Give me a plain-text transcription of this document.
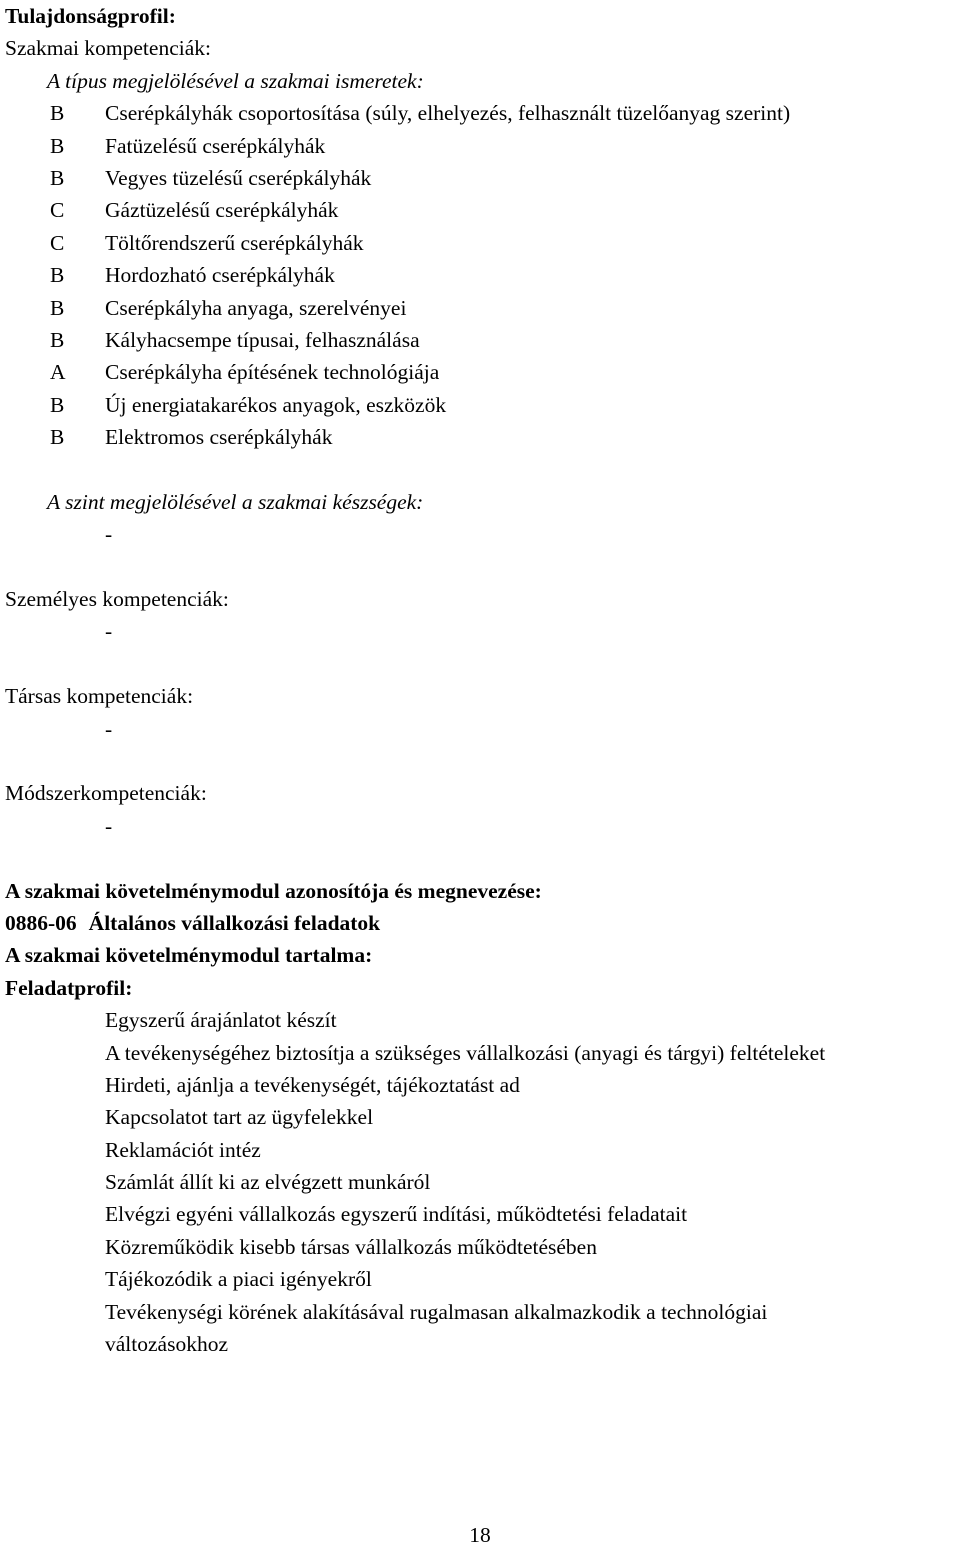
Tulajdonságprofil:
Szakmai kompetenciák:
A típus megjelölésével a szakmai ismeretek:
B	Cserépkályhák csoportosítása (súly, elhelyezés, felhasznált tüzelőanyag szerint)
B	Fatüzelésű cserépkályhák
B	Vegyes tüzelésű cserépkályhák
C	Gáztüzelésű cserépkályhák
C	Töltőrendszerű cserépkályhák
B	Hordozható cserépkályhák
B	Cserépkályha anyaga, szerelvényei
B	Kályhacsempe típusai, felhasználása
A	Cserépkályha építésének technológiája
B	Új energiatakarékos anyagok, eszközök
B	Elektromos cserépkályhák
A szint megjelölésével a szakmai készségek:
-
Személyes kompetenciák:
-
Társas kompetenciák:
-
Módszerkompetenciák:
-
A szakmai követelménymodul azonosítója és megnevezése:
0886-06 Általános vállalkozási feladatok
A szakmai követelménymodul tartalma:
Feladatprofil:
Egyszerű árajánlatot készít
A tevékenységéhez biztosítja a szükséges vállalkozási (anyagi és tárgyi) feltételeket
Hirdeti, ajánlja a tevékenységét, tájékoztatást ad
Kapcsolatot tart az ügyfelekkel
Reklamációt intéz
Számlát állít ki az elvégzett munkáról
Elvégzi egyéni vállalkozás egyszerű indítási, működtetési feladatait
Közreműködik kisebb társas vállalkozás működtetésében
Tájékozódik a piaci igényekről
Tevékenységi körének alakításával rugalmasan alkalmazkodik a technológiai változásokhoz
18
